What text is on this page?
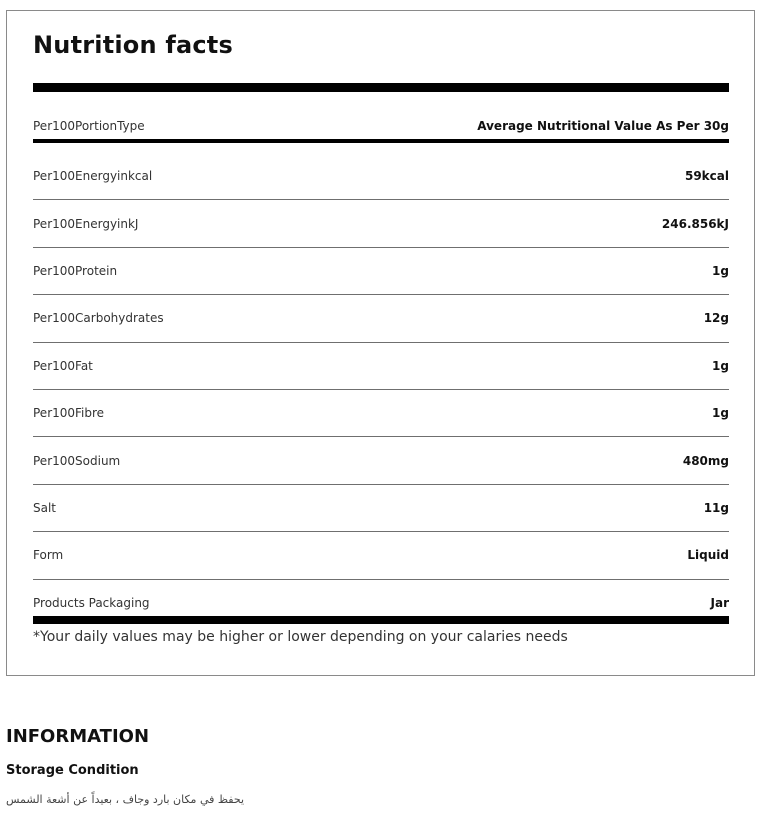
Nutrition facts
Per100PortionType	Average Nutritional Value As Per 30g
Per100Energyinkcal	59kcal
Per100EnergyinkJ	246.856kJ
Per100Protein	1g
Per100Carbohydrates	12g
Per100Fat	1g
Per100Fibre	1g
Per100Sodium	480mg
Salt	11g
Form	Liquid
Products Packaging	Jar
*Your daily values may be higher or lower depending on your calaries needs
INFORMATION
Storage Condition
يحفظ في مكان بارد وجاف ، بعيداً عن أشعة الشمس
